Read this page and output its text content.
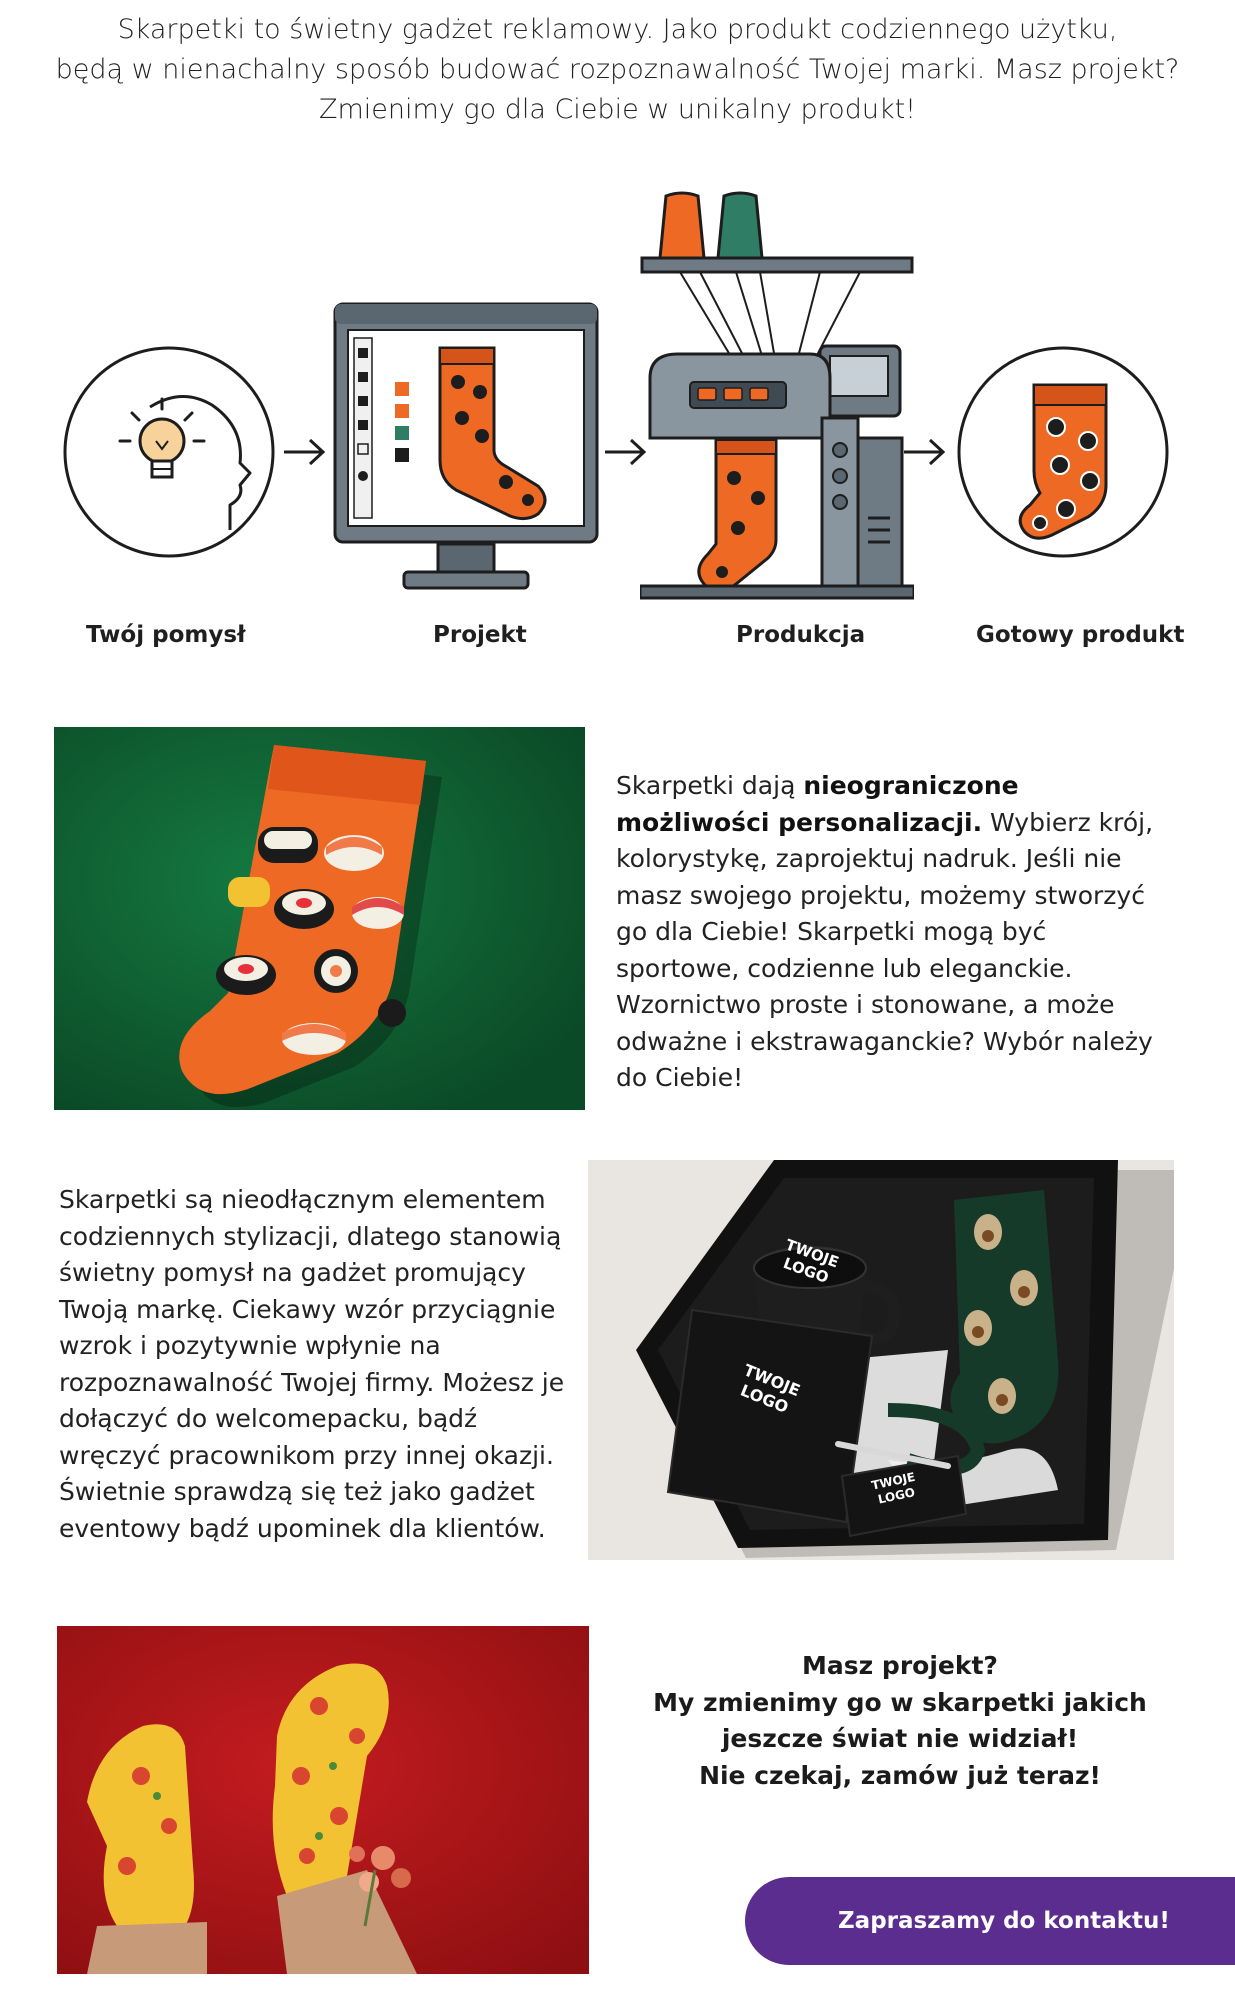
Skarpetki to świetny gadżet reklamowy. Jako produkt codziennego użytku,

będą w nienachalny sposób budować rozpoznawalność Twojej marki. Masz projekt?

Zmienimy go dla Ciebie w unikalny produkt!

Twój pomysł	Projekt	Produkcja	Gotowy produkt

Skarpetki dają nieograniczone możliwości personalizacji. Wybierz krój, kolorystykę, zaprojektuj nadruk. Jeśli nie masz swojego projektu, możemy stworzyć go dla Ciebie! Skarpetki mogą być sportowe, codzienne lub eleganckie. Wzornictwo proste i stonowane, a może odważne i ekstrawaganckie? Wybór należy do Ciebie!

Skarpetki są nieodłącznym elementem codziennych stylizacji, dlatego stanowią świetny pomysł na gadżet promujący Twoją markę. Ciekawy wzór przyciągnie wzrok i pozytywnie wpłynie na rozpoznawalność Twojej firmy. Możesz je dołączyć do welcomepacku, bądź wręczyć pracownikom przy innej okazji. Świetnie sprawdzą się też jako gadżet eventowy bądź upominek dla klientów.

TWOJE LOGO
TWOJE LOGO
TWOJE LOGO
Masz projekt?
My zmienimy go w skarpetki jakich
jeszcze świat nie widział!
Nie czekaj, zamów już teraz!
Zapraszamy do kontaktu!
